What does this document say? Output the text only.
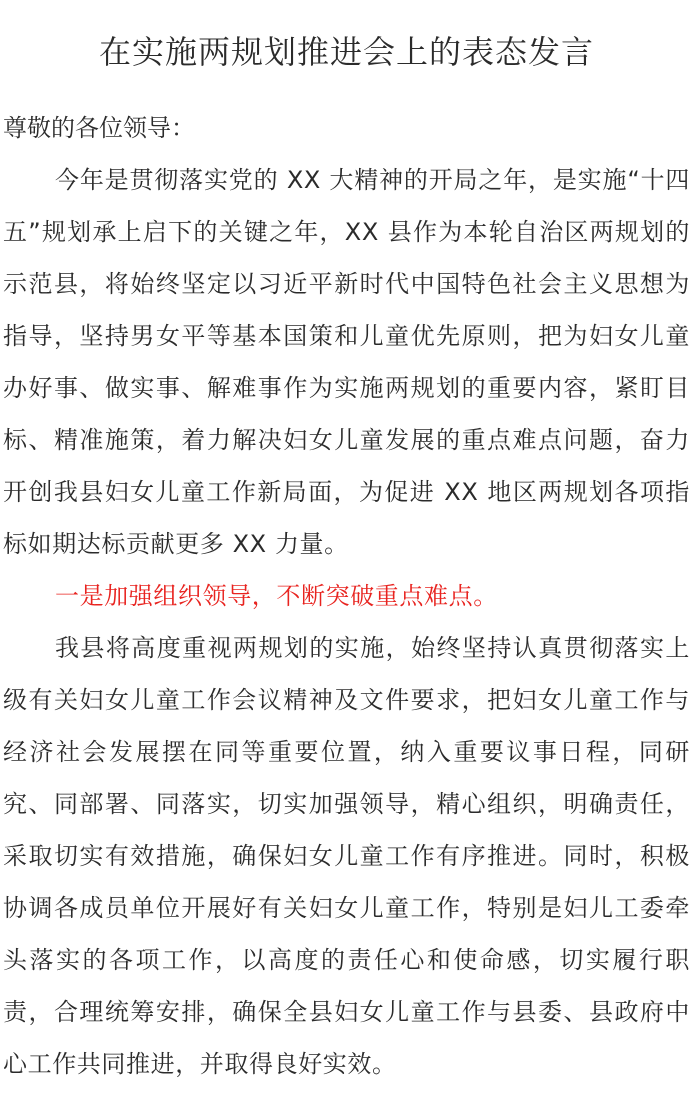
在实施两规划推进会上的表态发言

尊敬的各位领导：

今年是贯彻落实党的 XX 大精神的开局之年，是实施“十四五”规划承上启下的关键之年，XX 县作为本轮自治区两规划的示范县，将始终坚定以习近平新时代中国特色社会主义思想为指导，坚持男女平等基本国策和儿童优先原则，把为妇女儿童办好事、做实事、解难事作为实施两规划的重要内容，紧盯目标、精准施策，着力解决妇女儿童发展的重点难点问题，奋力开创我县妇女儿童工作新局面，为促进 XX 地区两规划各项指标如期达标贡献更多 XX 力量。

一是加强组织领导，不断突破重点难点。

我县将高度重视两规划的实施，始终坚持认真贯彻落实上级有关妇女儿童工作会议精神及文件要求，把妇女儿童工作与经济社会发展摆在同等重要位置，纳入重要议事日程，同研究、同部署、同落实，切实加强领导，精心组织，明确责任，采取切实有效措施，确保妇女儿童工作有序推进。同时，积极协调各成员单位开展好有关妇女儿童工作，特别是妇儿工委牵头落实的各项工作，以高度的责任心和使命感，切实履行职责，合理统筹安排，确保全县妇女儿童工作与县委、县政府中心工作共同推进，并取得良好实效。
